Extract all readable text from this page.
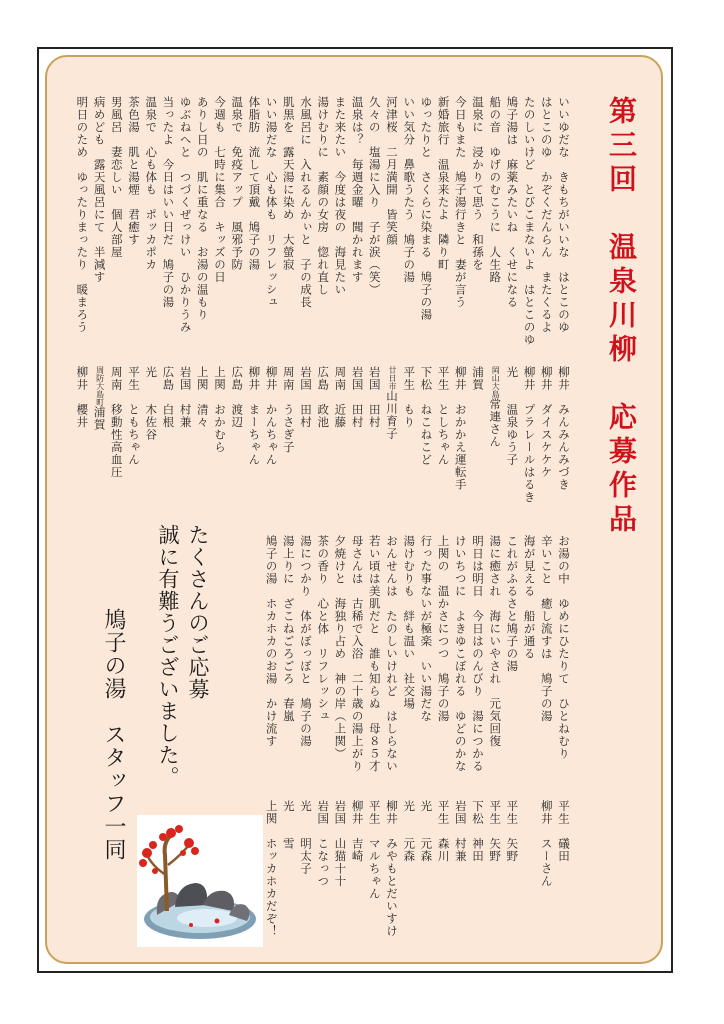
第三回　温泉川柳　応募作品
いいゆだな　きもちがいいな　はとこのゆ
柳井　みんみんみづき
はとこのゆ　かぞくだんらん　またくるよ
柳井　ダイスケケケ
たのしいけど　とびこまないよ　はとこのゆ
柳井　プラレールはるき
鳩子湯は　麻薬みたいね　くせになる
光　　温泉ゆう子
船の音　ゆげのむこうに　人生路
岡山大島常連さん
温泉に　浸かりて思う　和孫を
浦賀
今日もまた　鳩子湯行きと　妻が言う
柳井　おかかえ運転手
新婚旅行　温泉来たよ　隣り町
平生　としちゃん
ゆったりと　さくらに染まる　鳩子の湯
下松　ねこねこど
いい気分　鼻歌うたう　鳩子の湯
平生　もり
河津桜　二月満開　皆笑顔
廿日市山川育子
久々の　塩湯に入り　子が涙（笑）
岩国　田村
温泉は？　毎週金曜　聞かれます
岩国　田村
また来たい　今度は夜の　海見たい
周南　近藤
湯けむりに　素顔の女房　惚れ直し
広島　政池
水風呂に　入れるんかぃと　子の成長
岩国　田村
肌黒を　露天湯に染め　大螢寂
周南　うさぎ子
いい湯だな　心も体も　リフレッシュ
柳井　かんちゃん
体脂肪　流して頂戴　鳩子の湯
柳井　まーちゃん
温泉で　免疫アップ　風邪予防
広島　渡辺
今週も　七時に集合　キッズの日
上関　おかむら
ありし日の　肌に重なる　お湯の温もり
上関　清々
ゆぶねへと　つづくぜっけい　ひかりうみ
岩国　村兼
当ったよ　今日はいい日だ　鳩子の湯
広島　白根
温泉で　心も体も　ポッカポカ
光　　木佐谷
茶色湯　肌と湯煙　君癒す
平生　ともちゃん
男風呂　妻恋しい　個人部屋
周南　移動性高血圧
病めども　露天風呂にて　半減す
周防大島町浦賀
明日のため　ゆったりまったり　暖まろう
柳井　櫻井
お湯の中　ゆめにひたりて　ひとねむり
平生　礒田
辛いこと　癒し流すは　鳩子の湯
柳井　スーさん
海が見える　船が通る
これがふるさと鳩子の湯
平生　矢野
湯に癒され　海にいやされ　元気回復
平生　矢野
明日は明日　今日はのんびり　湯につかる
下松　神田
けいちつに　よきゆこぼれる　ゆどのかな
岩国　村兼
上関の　温かさにつつ　鳩子の湯
平生　森川
行った事ないが極楽　いい湯だな
光　　元森
湯けむりも　絆も温い　社交場
光　　元森
おんせんは　たのしいけれど　はしらない
柳井　みやもとだいすけ
若い頃は美肌だと　誰も知らぬ　母８５才
平生　マルちゃん
母さんは　古稀で入浴　二十歳の湯上がり
柳井　吉崎
夕焼けと　海独り占め　神の岸（上関）
岩国　山猫十十
茶の香り　心と体　リフレッシュ
岩国　こなっつ
湯につかり　体がぽっぽと　鳩子の湯
光　　明太子
湯上りに　ざこねごろごろ　春嵐
光　　雪
鳩子の湯　ホカホカのお湯　かけ流す
上関　ホッカホカだぞ！
たくさんのご応募
誠に有難うございました。
鳩子の湯　スタッフ一同
